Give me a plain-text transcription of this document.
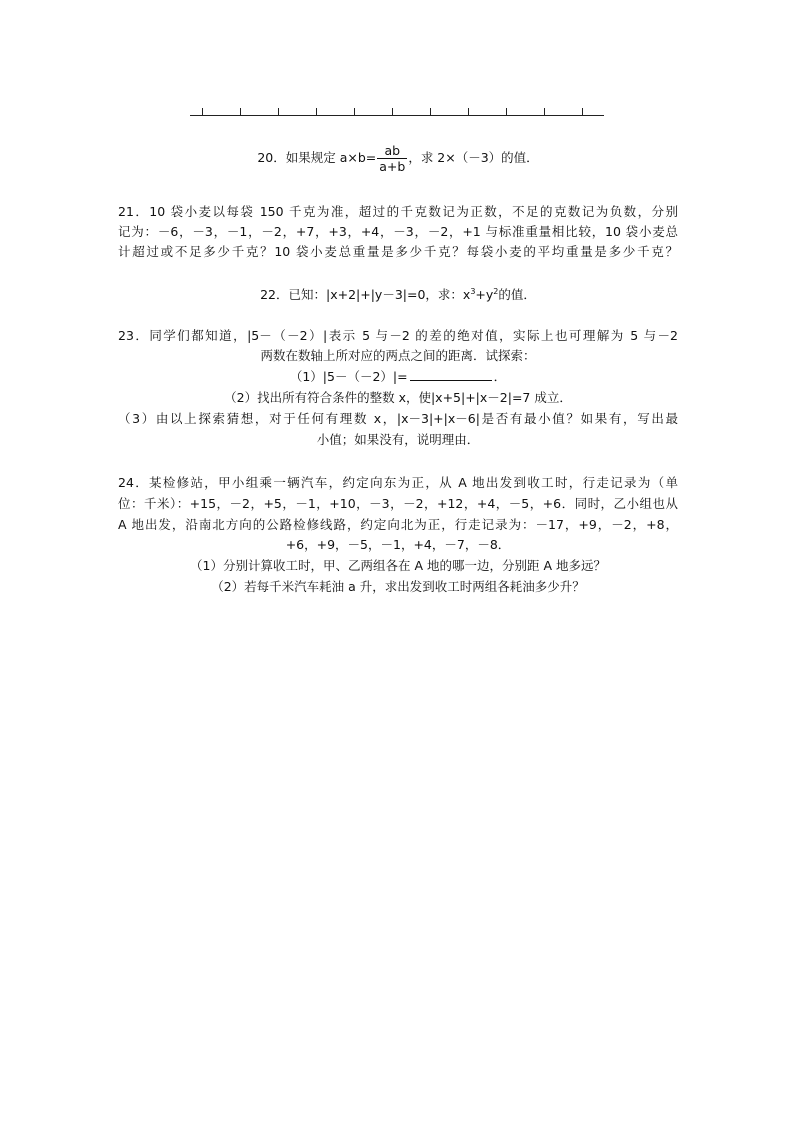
20．如果规定 $a\times b= \frac{ab}{a+b}$ ，求 2×（－3）的值．
21．10 袋小麦以每袋 150 千克为准，超过的千克数记为正数，不足的克数记为负数，分别
记为：－6，－3，－1，－2，+7，+3，+4，－3，－2，+1 与标准重量相比较，10 袋小麦总
计超过或不足多少千克？10 袋小麦总重量是多少千克？每袋小麦的平均重量是多少千克？
22．已知：|x+2|+|y－3|=0，求：$x^3+y^2$的值．
23．同学们都知道，|5－（－2）|表示 5 与－2 的差的绝对值，实际上也可理解为 5 与－2
两数在数轴上所对应的两点之间的距离．试探索：
（1）|5－（－2）|=	．
（2）找出所有符合条件的整数 x，使|x+5|+|x－2|=7 成立．
（3）由以上探索猜想，对于任何有理数 x，|x－3|+|x－6|是否有最小值？如果有，写出最
小值；如果没有，说明理由．
24．某检修站，甲小组乘一辆汽车，约定向东为正，从 A 地出发到收工时，行走记录为（单
位：千米）：+15，－2，+5，－1，+10，－3，－2，+12，+4，－5，+6．同时，乙小组也从
A 地出发，沿南北方向的公路检修线路，约定向北为正，行走记录为：－17，+9，－2，+8，
+6，+9，－5，－1，+4，－7，－8．
（1）分别计算收工时，甲、乙两组各在 A 地的哪一边，分别距 A 地多远？
（2）若每千米汽车耗油 a 升，求出发到收工时两组各耗油多少升？
